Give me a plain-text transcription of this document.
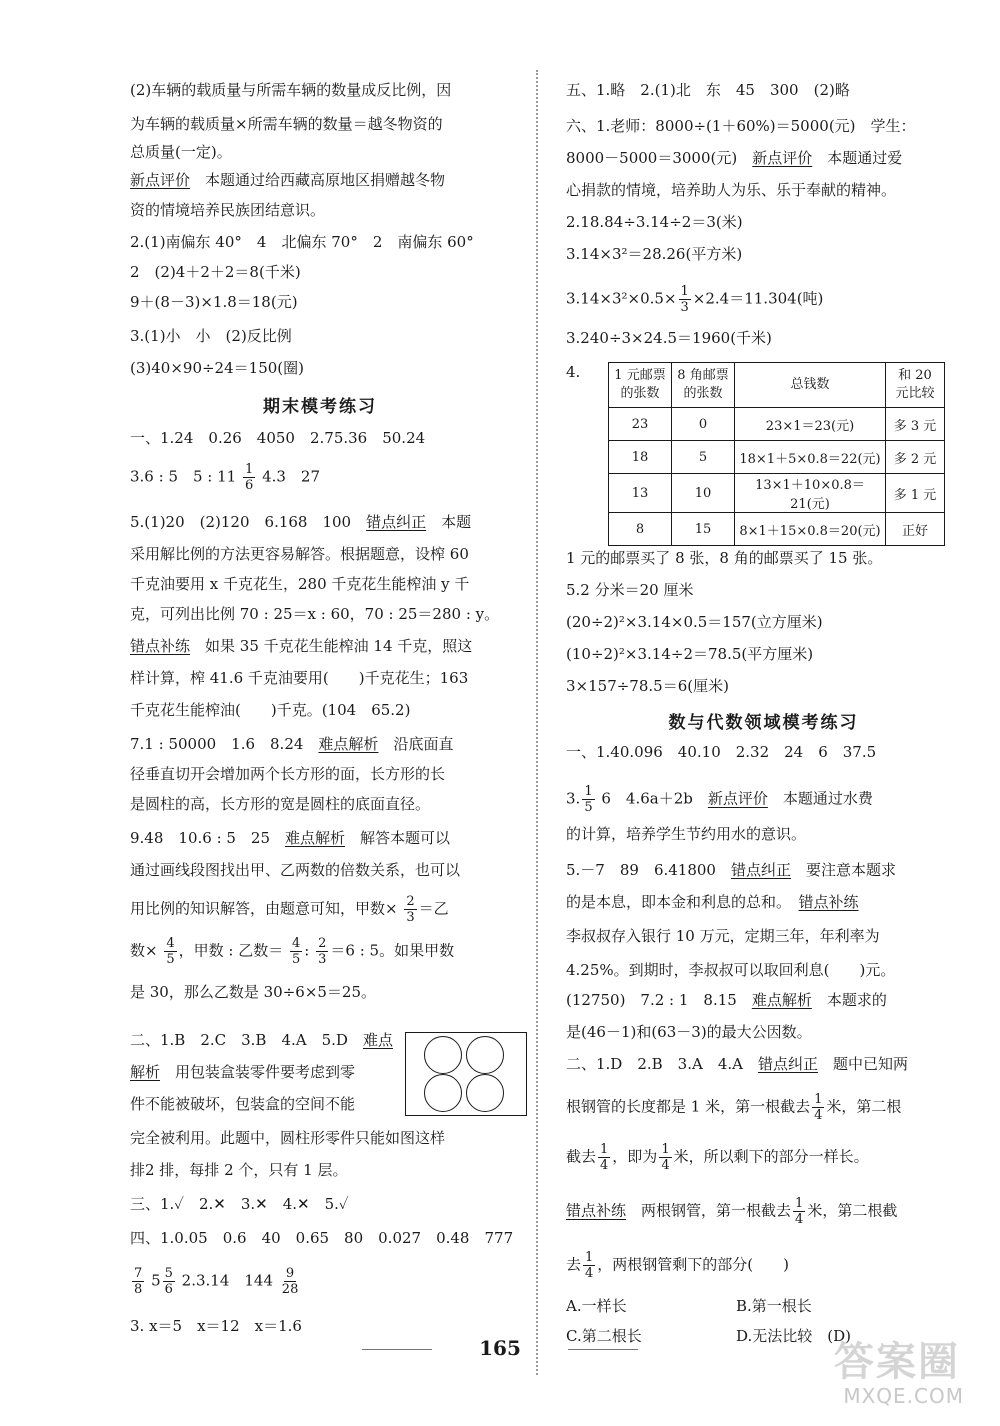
(2)车辆的载质量与所需车辆的数量成反比例，因
为车辆的载质量×所需车辆的数量＝越冬物资的
总质量(一定)。
新点评价　本题通过给西藏高原地区捐赠越冬物
资的情境培养民族团结意识。
2.(1)南偏东 40°　4　北偏东 70°　2　南偏东 60°
2　(2)4＋2＋2＝8(千米)
9＋(8－3)×1.8＝18(元)
3.(1)小　小　(2)反比例
(3)40×90÷24＝150(圈)
期末模考练习
一、1.24　0.26　4050　2.75.36　50.24
3.6 : 5　5 : $11 \frac{1}{6} 4.3$　27
5.(1)20　(2)120　6.168　100　错点纠正　本题
采用解比例的方法更容易解答。根据题意，设榨 60
千克油要用 x 千克花生，280 千克花生能榨油 y 千
克，可列出比例 70 : 25＝x : 60，70 : 25＝280 : y。
错点补练　如果 35 千克花生能榨油 14 千克，照这
样计算，榨 41.6 千克油要用(　　)千克花生；163
千克花生能榨油(　　)千克。(104　65.2)
7.1 : 50000　1.6　8.24　难点解析　沿底面直
径垂直切开会增加两个长方形的面，长方形的长
是圆柱的高，长方形的宽是圆柱的底面直径。
9.48　10.6 : 5　25　难点解析　解答本题可以
通过画线段图找出甲、乙两数的倍数关系，也可以
用比例的知识解答，由题意可知，甲数× $\frac{2}{3}$ ＝乙
数× $\frac{4}{5}$ ，甲数 : 乙数＝ $\frac{4}{5}$ : $\frac{2}{3} =6$ : 5。如果甲数
是 30，那么乙数是 30÷6×5＝25。
二、1.B　2.C　3.B　4.A　5.D　难点
解析　用包装盒装零件要考虑到零
件不能被破坏，包装盒的空间不能
完全被利用。此题中，圆柱形零件只能如图这样
排2 排，每排 2 个，只有 1 层。
三、1.✓　2.✕　3.✕　4.✕　5.✓
四、1.0.05　0.6　40　0.65　80　0.027　0.48　777
$\frac{7}{8} 5 \frac{5}{6} 2.3.14$　$144 \frac{9}{28}$
3. x＝5　x＝12　x＝1.6
五、1.略　2.(1)北　东　45　300　(2)略
六、1.老师：8000÷(1＋60%)＝5000(元)　学生：
8000－5000＝3000(元)　新点评价　本题通过爱
心捐款的情境，培养助人为乐、乐于奉献的精神。
2.18.84÷3.14÷2＝3(米)
3.14×3²＝28.26(平方米)
$3.14\times 3^2\times 0.5\times \frac{1}{3} \times 2.4=11.304$(吨)
3.240÷3×24.5＝1960(千米)
4.	1 元邮票的张数	8 角邮票的张数	总钱数	和 20 元比较
23	0	23×1＝23(元)	多 3 元
18	5	18×1＋5×0.8＝22(元)	多 2 元
13	10	13×1＋10×0.8＝21(元)	多 1 元
8	15	8×1＋15×0.8＝20(元)	正好
1 元的邮票买了 8 张，8 角的邮票买了 15 张。
5.2 分米＝20 厘米
(20÷2)²×3.14×0.5＝157(立方厘米)
(10÷2)²×3.14÷2＝78.5(平方厘米)
3×157÷78.5＝6(厘米)
数与代数领域模考练习
一、1.40.096　40.10　2.32　24　6　37.5
3. $\frac{1}{5} 6$　4.6a＋2b　新点评价　本题通过水费
的计算，培养学生节约用水的意识。
5.－7　89　6.41800　错点纠正　要注意本题求
的是本息，即本金和利息的总和。　错点补练
李叔叔存入银行 10 万元，定期三年，年利率为
4.25%。到期时，李叔叔可以取回利息(　　)元。
(12750)　7.2 : 1　8.15　难点解析　本题求的
是(46－1)和(63－3)的最大公因数。
二、1.D　2.B　3.A　4.A　错点纠正　题中已知两
根钢管的长度都是 1 米，第一根截去 $\frac{1}{4}$ 米，第二根
截去 $\frac{1}{4}$ ，即为 $\frac{1}{4}$ 米，所以剩下的部分一样长。
错点补练　两根钢管，第一根截去 $\frac{1}{4}$ 米，第二根截
去 $\frac{1}{4}$ ，两根钢管剩下的部分(　　)
A.一样长	B.第一根长
C.第二根长	D.无法比较　(D)
165	答案圈
MXQE.COM
